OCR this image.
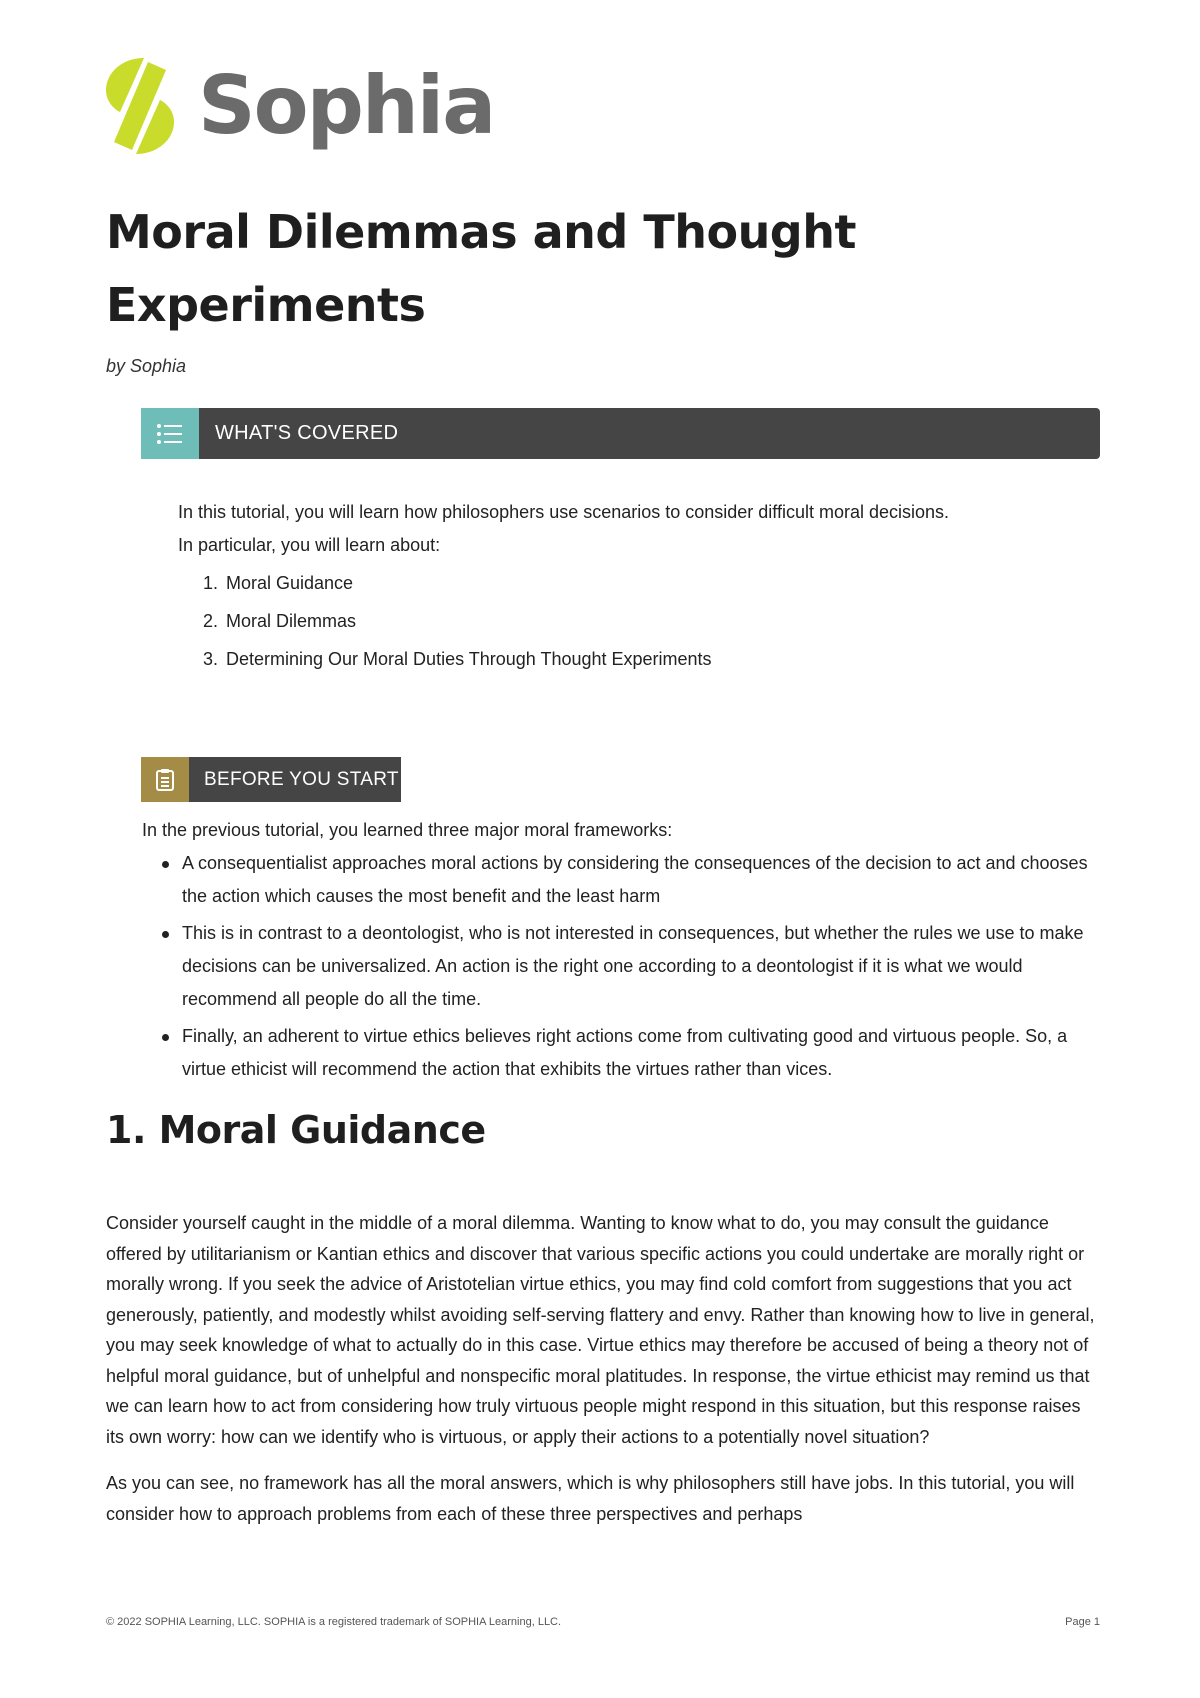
Sophia
Moral Dilemmas and Thought Experiments
by Sophia
WHAT'S COVERED

In this tutorial, you will learn how philosophers use scenarios to consider difficult moral decisions.

In particular, you will learn about:

1. Moral Guidance
2. Moral Dilemmas
3. Determining Our Moral Duties Through Thought Experiments
BEFORE YOU START

In the previous tutorial, you learned three major moral frameworks:

A consequentialist approaches moral actions by considering the consequences of the decision to act and chooses the action which causes the most benefit and the least harm
This is in contrast to a deontologist, who is not interested in consequences, but whether the rules we use to make decisions can be universalized. An action is the right one according to a deontologist if it is what we would recommend all people do all the time.
Finally, an adherent to virtue ethics believes right actions come from cultivating good and virtuous people. So, a virtue ethicist will recommend the action that exhibits the virtues rather than vices.
1. Moral Guidance

Consider yourself caught in the middle of a moral dilemma. Wanting to know what to do, you may consult the guidance offered by utilitarianism or Kantian ethics and discover that various specific actions you could undertake are morally right or morally wrong. If you seek the advice of Aristotelian virtue ethics, you may find cold comfort from suggestions that you act generously, patiently, and modestly whilst avoiding self-serving flattery and envy. Rather than knowing how to live in general, you may seek knowledge of what to actually do in this case. Virtue ethics may therefore be accused of being a theory not of helpful moral guidance, but of unhelpful and nonspecific moral platitudes. In response, the virtue ethicist may remind us that we can learn how to act from considering how truly virtuous people might respond in this situation, but this response raises its own worry: how can we identify who is virtuous, or apply their actions to a potentially novel situation?

As you can see, no framework has all the moral answers, which is why philosophers still have jobs. In this tutorial, you will consider how to approach problems from each of these three perspectives and perhaps

© 2022 SOPHIA Learning, LLC. SOPHIA is a registered trademark of SOPHIA Learning, LLC.	Page 1
